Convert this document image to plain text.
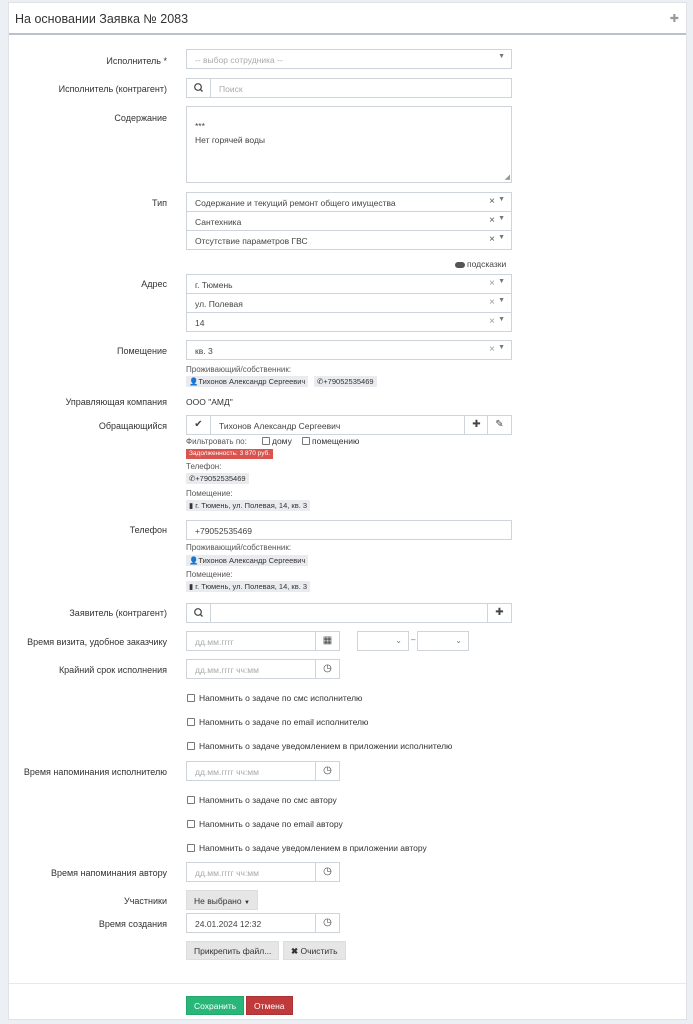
На основании Заявка № 2083	✚
Исполнитель *	-- выбор сотрудника --	▼
Исполнитель (контрагент)	Поиск
Содержание
***
Нет горячей воды
◢
Тип	Содержание и текущий ремонт общего имущества	× ▼
Сантехника	× ▼
Отсутствие параметров ГВС	× ▼
подсказки
Адрес	г. Тюмень	× ▼
ул. Полевая	× ▼
14	× ▼
Помещение	кв. 3	× ▼
Проживающий/собственник:
👤Тихонов Александр Сергеевич	✆+79052535469
Управляющая компания ООО "АМД"
Обращающийся	✔	Тихонов Александр Сергеевич	✚	✎
Фильтровать по:	дому помещению
Задолженность: 3 870 руб.
Телефон:
✆+79052535469
Помещение:
▮ г. Тюмень, ул. Полевая, 14, кв. 3
Телефон	+79052535469
Проживающий/собственник:
👤Тихонов Александр Сергеевич
Помещение:
▮ г. Тюмень, ул. Полевая, 14, кв. 3
Заявитель (контрагент)	✚
Время визита, удобное заказчику	дд.мм.гггг	▦	⌄ –	⌄
Крайний срок исполнения	дд.мм.гггг чч:мм	◷
Напомнить о задаче по смс исполнителю
Напомнить о задаче по email исполнителю
Напомнить о задаче уведомлением в приложении исполнителю
Время напоминания исполнителю	дд.мм.гггг чч:мм	◷
Напомнить о задаче по смс автору
Напомнить о задаче по email автору
Напомнить о задаче уведомлением в приложении автору
Время напоминания автору	дд.мм.гггг чч:мм	◷
Участники	Не выбрано ▼
Время создания	24.01.2024 12:32	◷
Прикрепить файл...	✖ Очистить
Сохранить	Отмена
